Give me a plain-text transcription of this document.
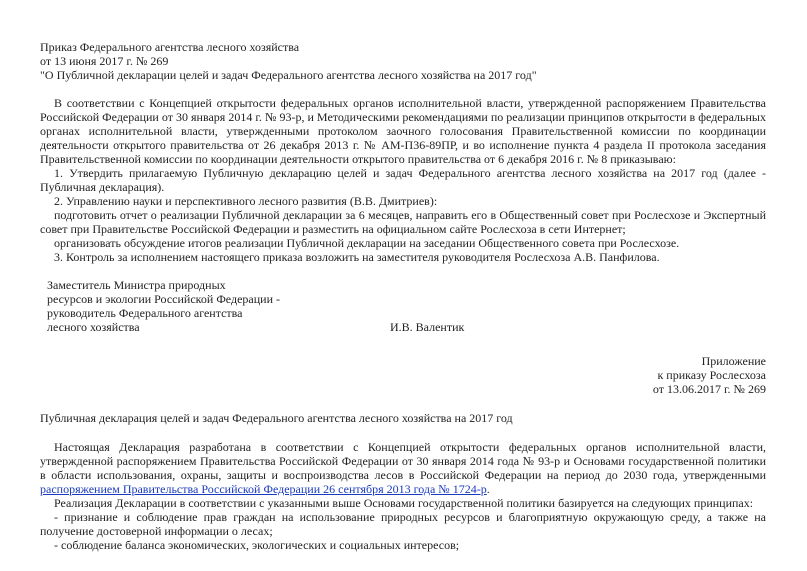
Приказ Федерального агентства лесного хозяйства
от 13 июня 2017 г. № 269
"О Публичной декларации целей и задач Федерального агентства лесного хозяйства на 2017 год"

В соответствии с Концепцией открытости федеральных органов исполнительной власти, утвержденной распоряжением Правительства Российской Федерации от 30 января 2014 г. № 93-р, и Методическими рекомендациями по реализации принципов открытости в федеральных органах исполнительной власти, утвержденными протоколом заочного голосования Правительственной комиссии по координации деятельности открытого правительства от 26 декабря 2013 г. № АМ-П36-89ПР, и во исполнение пункта 4 раздела II протокола заседания Правительственной комиссии по координации деятельности открытого правительства от 6 декабря 2016 г. № 8 приказываю:

1. Утвердить прилагаемую Публичную декларацию целей и задач Федерального агентства лесного хозяйства на 2017 год (далее - Публичная декларация).

2. Управлению науки и перспективного лесного развития (В.В. Дмитриев):

подготовить отчет о реализации Публичной декларации за 6 месяцев, направить его в Общественный совет при Рослесхозе и Экспертный совет при Правительстве Российской Федерации и разместить на официальном сайте Рослесхоза в сети Интернет;

организовать обсуждение итогов реализации Публичной декларации на заседании Общественного совета при Рослесхозе.

3. Контроль за исполнением настоящего приказа возложить на заместителя руководителя Рослесхоза А.В. Панфилова.

Заместитель Министра природных
ресурсов и экологии Российской Федерации -
руководитель Федерального агентства
лесного хозяйства	И.В. Валентик
Приложение
к приказу Рослесхоза
от 13.06.2017 г. № 269
Публичная декларация целей и задач Федерального агентства лесного хозяйства на 2017 год

Настоящая Декларация разработана в соответствии с Концепцией открытости федеральных органов исполнительной власти, утвержденной распоряжением Правительства Российской Федерации от 30 января 2014 года № 93-р и Основами государственной политики в области использования, охраны, защиты и воспроизводства лесов в Российской Федерации на период до 2030 года, утвержденными распоряжением Правительства Российской Федерации 26 сентября 2013 года № 1724-р.

Реализация Декларации в соответствии с указанными выше Основами государственной политики базируется на следующих принципах:

- признание и соблюдение прав граждан на использование природных ресурсов и благоприятную окружающую среду, а также на получение достоверной информации о лесах;

- соблюдение баланса экономических, экологических и социальных интересов;
